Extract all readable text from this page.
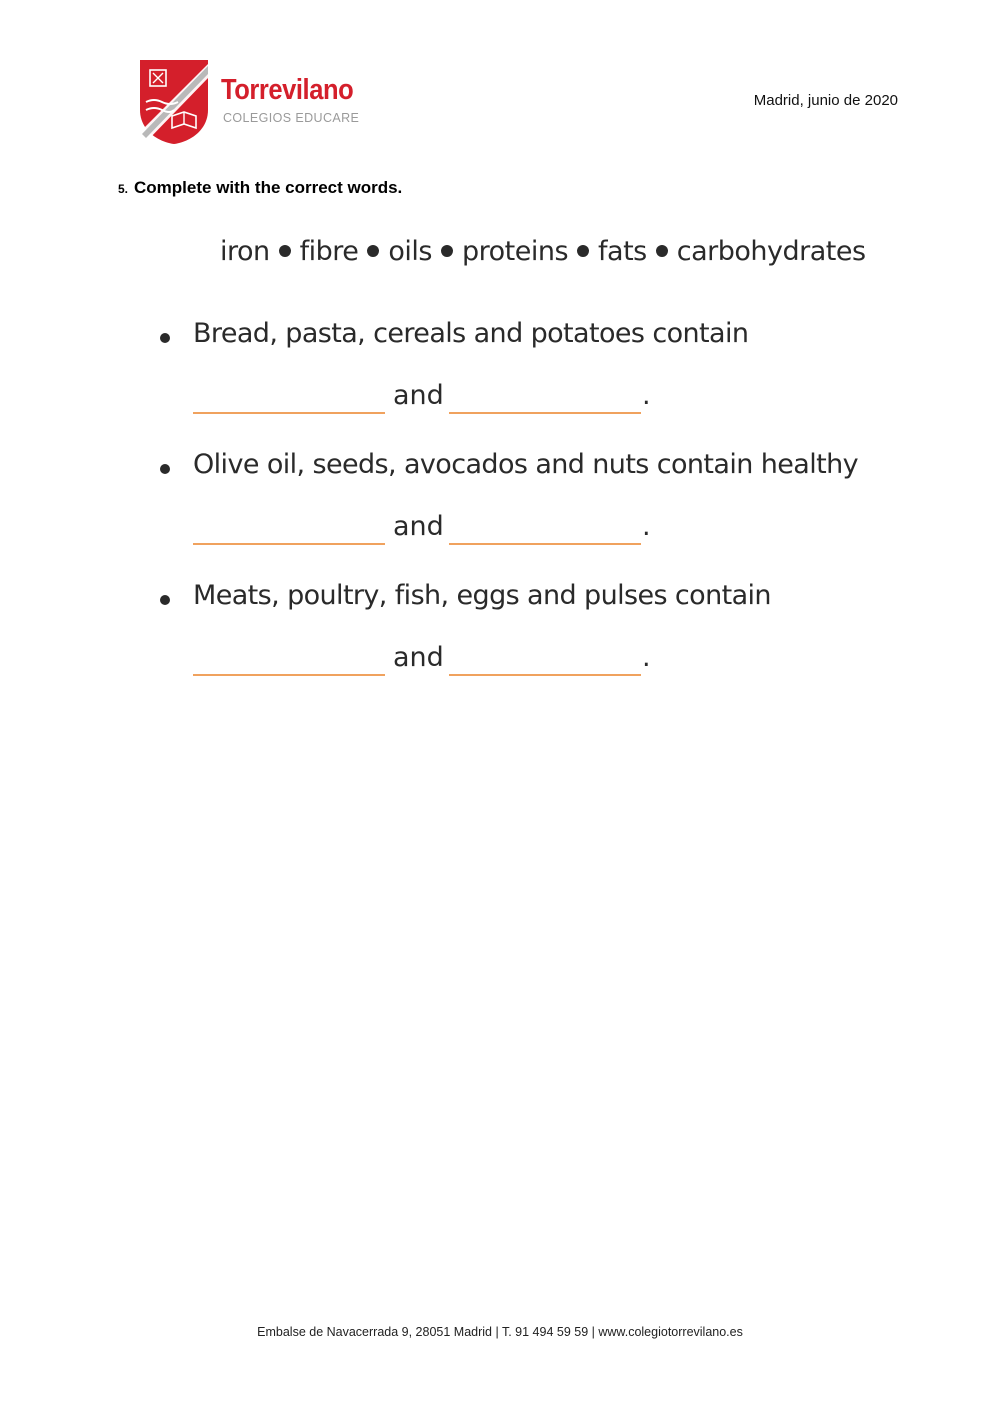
Torrevilano
COLEGIOS EDUCARE
Madrid, junio de 2020
5. Complete with the correct words.
iron fibre oils proteins fats carbohydrates
Bread, pasta, cereals and potatoes contain
and	.
Olive oil, seeds, avocados and nuts contain healthy
and	.
Meats, poultry, fish, eggs and pulses contain
and	.
Embalse de Navacerrada 9, 28051 Madrid | T. 91 494 59 59 | www.colegiotorrevilano.es
